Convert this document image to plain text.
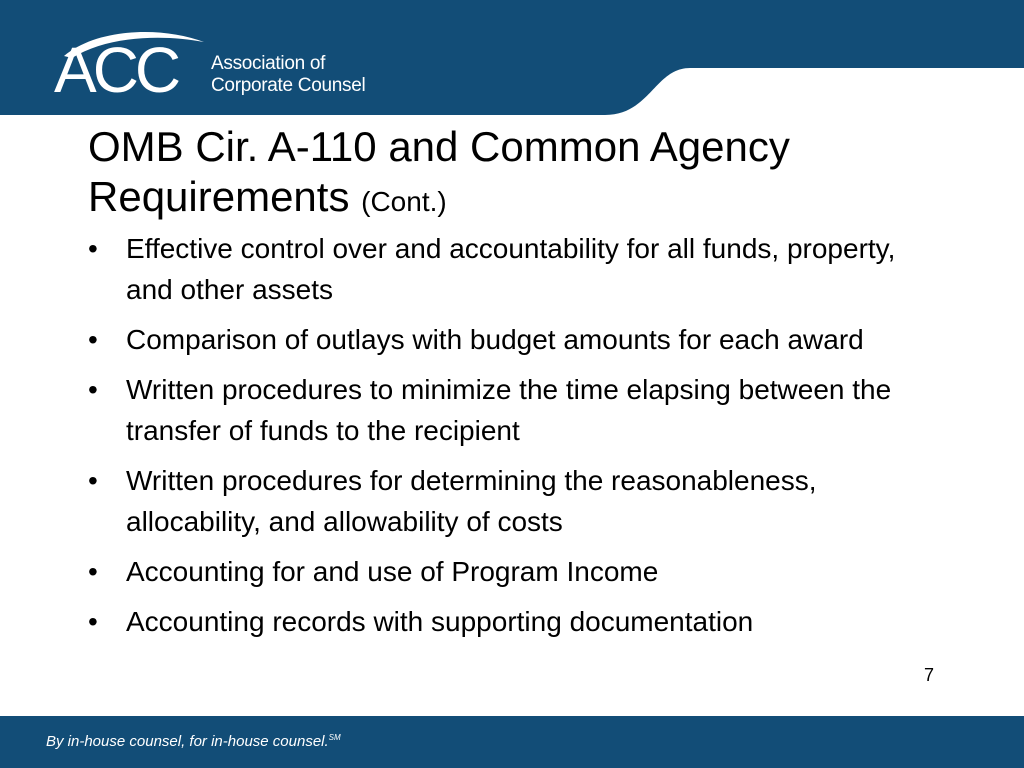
ACC Association of
Corporate Counsel
OMB Cir. A-110 and Common Agency
Requirements (Cont.)
• Effective control over and accountability for all funds, property, and other assets
• Comparison of outlays with budget amounts for each award
• Written procedures to minimize the time elapsing between the transfer of funds to the recipient
• Written procedures for determining the reasonableness, allocability, and allowability of costs
• Accounting for and use of Program Income
• Accounting records with supporting documentation
7
By in-house counsel, for in-house counsel.℠
